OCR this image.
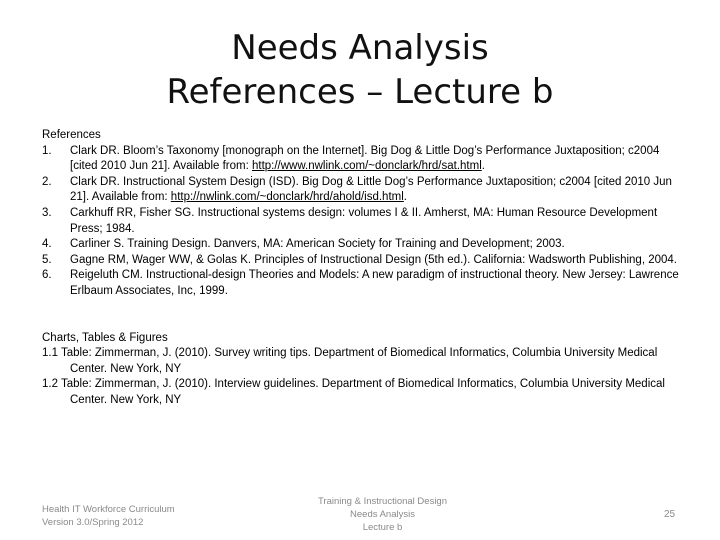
Needs Analysis
References – Lecture b
References
1.	Clark DR. Bloom’s Taxonomy [monograph on the Internet]. Big Dog & Little Dog’s Performance Juxtaposition; c2004 [cited 2010 Jun 21]. Available from: http://www.nwlink.com/~donclark/hrd/sat.html.
2.	Clark DR. Instructional System Design (ISD). Big Dog & Little Dog’s Performance Juxtaposition; c2004 [cited 2010 Jun 21]. Available from: http://nwlink.com/~donclark/hrd/ahold/isd.html.
3.	Carkhuff RR, Fisher SG. Instructional systems design: volumes I & II. Amherst, MA: Human Resource Development Press; 1984.
4.	Carliner S. Training Design. Danvers, MA: American Society for Training and Development; 2003.
5.	Gagne RM, Wager WW, & Golas K. Principles of Instructional Design (5th ed.). California: Wadsworth Publishing, 2004.
6.	Reigeluth CM. Instructional-design Theories and Models: A new paradigm of instructional theory. New Jersey: Lawrence Erlbaum Associates, Inc, 1999.
Charts, Tables & Figures
1.1 Table: Zimmerman, J. (2010). Survey writing tips. Department of Biomedical Informatics, Columbia University Medical Center. New York, NY
1.2 Table: Zimmerman, J. (2010). Interview guidelines. Department of Biomedical Informatics, Columbia University Medical Center. New York, NY
Health IT Workforce Curriculum
Version 3.0/Spring 2012
Training & Instructional Design
Needs Analysis
Lecture b
25
